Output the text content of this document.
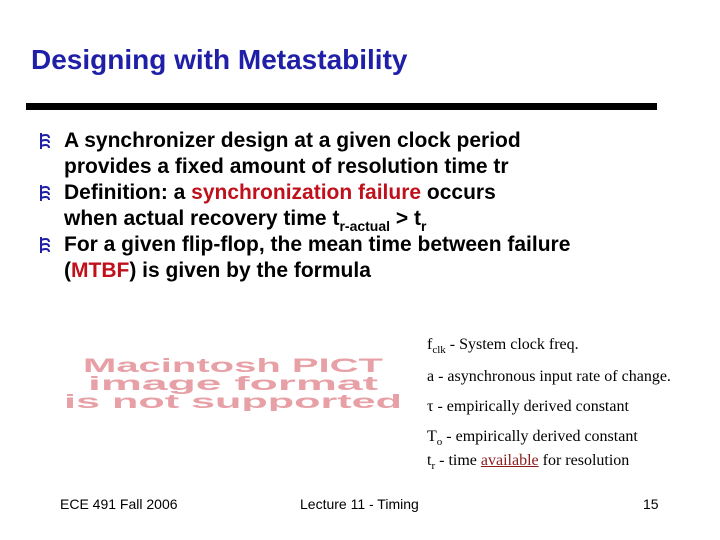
Designing with Metastability
A synchronizer design at a given clock period
provides a fixed amount of resolution time tr
Definition: a synchronization failure occurs
when actual recovery time $t_{r-actual} > t_r$
For a given flip-flop, the mean time between failure
(MTBF) is given by the formula
Macintosh PICT
image format
is not supported
$f_{clk}$ - System clock freq.
a - asynchronous input rate of change.
τ - empirically derived constant
$T_o$ - empirically derived constant
$t_r$ - time available for resolution
ECE 491 Fall 2006	Lecture 11 - Timing	15
